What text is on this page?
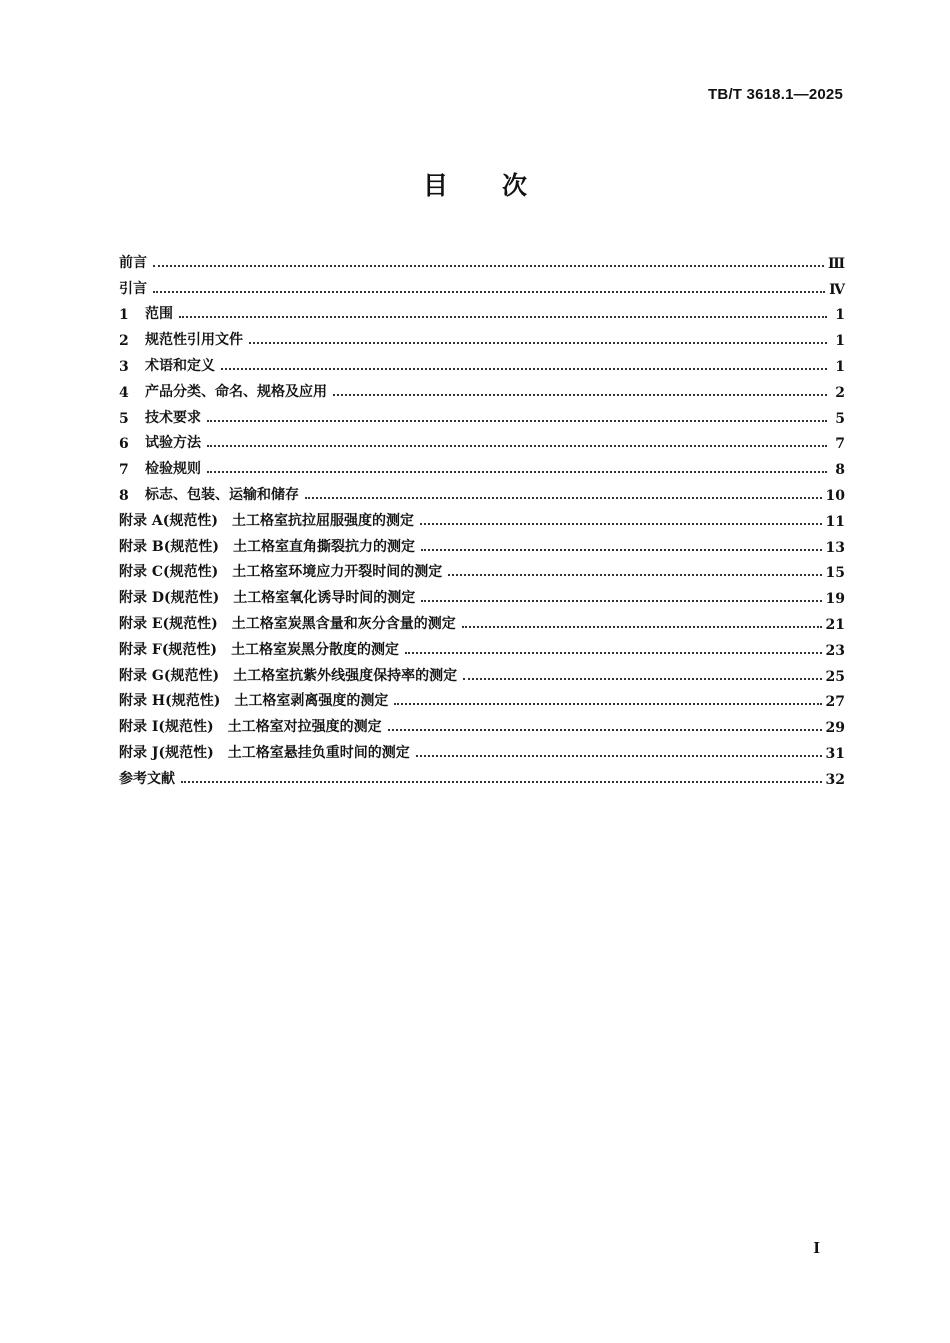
TB/T 3618.1—2025
目次
前言	Ⅲ
引言	Ⅳ
1	范围	1
2	规范性引用文件	1
3	术语和定义	1
4	产品分类、命名、规格及应用	2
5	技术要求	5
6	试验方法	7
7	检验规则	8
8	标志、包装、运输和储存	10
附录 A(规范性) 土工格室抗拉屈服强度的测定	11
附录 B(规范性) 土工格室直角撕裂抗力的测定	13
附录 C(规范性) 土工格室环境应力开裂时间的测定	15
附录 D(规范性) 土工格室氧化诱导时间的测定	19
附录 E(规范性) 土工格室炭黑含量和灰分含量的测定	21
附录 F(规范性) 土工格室炭黑分散度的测定	23
附录 G(规范性) 土工格室抗紫外线强度保持率的测定	25
附录 H(规范性) 土工格室剥离强度的测定	27
附录 I(规范性) 土工格室对拉强度的测定	29
附录 J(规范性) 土工格室悬挂负重时间的测定	31
参考文献	32
I
